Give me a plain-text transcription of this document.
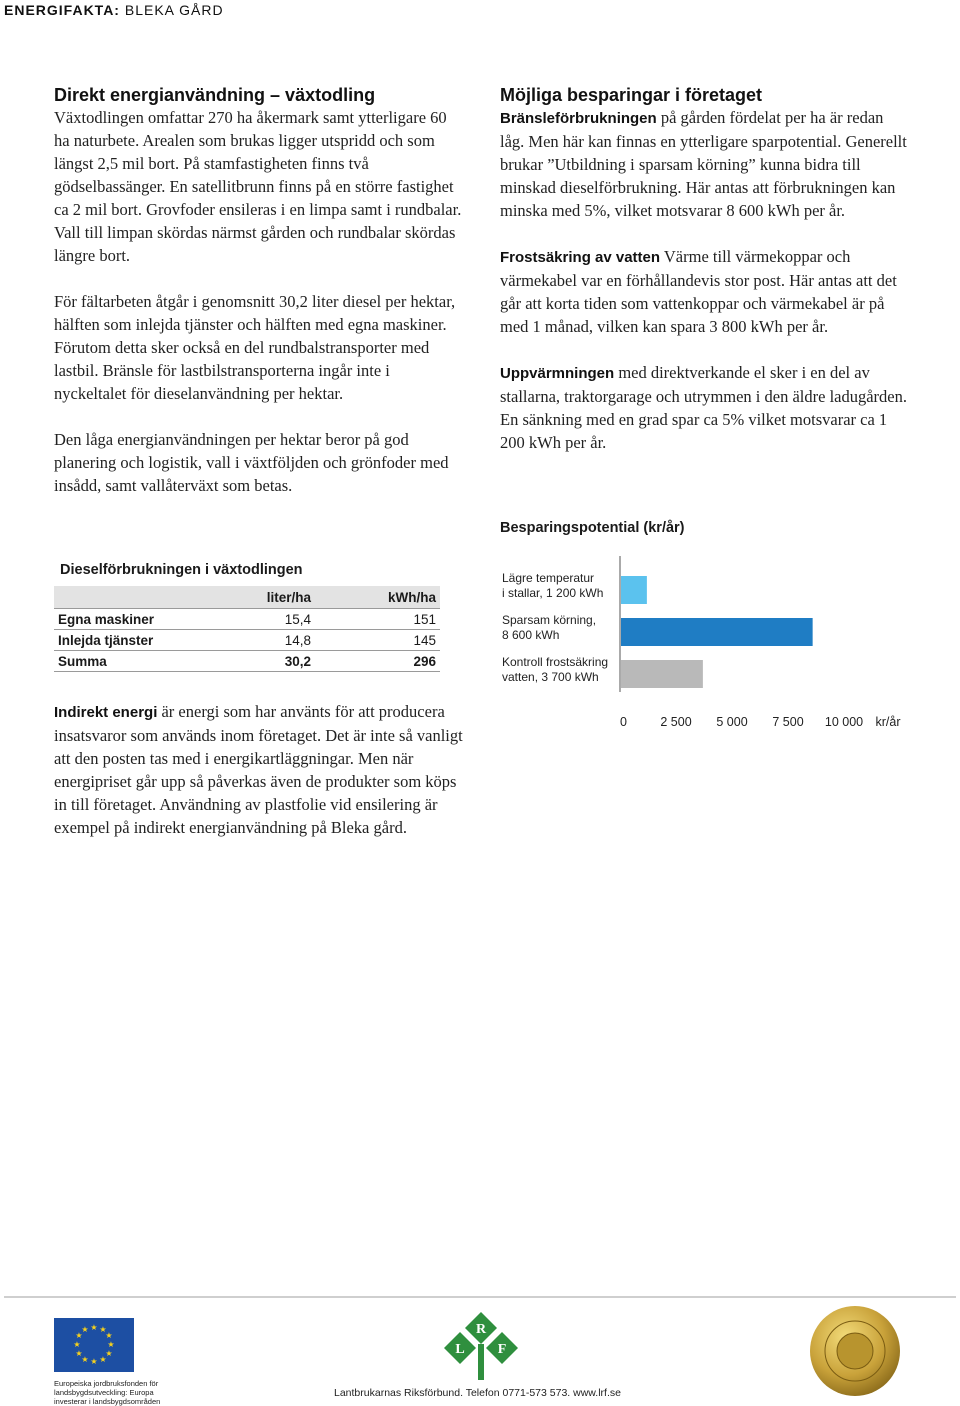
ENERGIFAKTA: BLEKA GÅRD
Direkt energianvändning – växtodling

Växtodlingen omfattar 270 ha åkermark samt ytterligare 60 ha naturbete. Arealen som brukas ligger utspridd och som längst 2,5 mil bort. På stamfastigheten finns två gödselbassänger. En satellitbrunn finns på en större fastighet ca 2 mil bort. Grovfoder ensileras i en limpa samt i rundbalar. Vall till limpan skördas närmst gården och rundbalar skördas längre bort.

För fältarbeten åtgår i genomsnitt 30,2 liter diesel per hektar, hälften som inlejda tjänster och hälften med egna maskiner. Förutom detta sker också en del rundbalstransporter med lastbil. Bränsle för lastbilstransporterna ingår inte i nyckeltalet för dieselanvändning per hektar.

Den låga energianvändningen per hektar beror på god planering och logistik, vall i växtföljden och grönfoder med insådd, samt vallåterväxt som betas.

Dieselförbrukningen i växtodlingen
	liter/ha	kWh/ha
Egna maskiner	15,4	151
Inlejda tjänster	14,8	145
Summa	30,2	296

Indirekt energi är energi som har använts för att producera insatsvaror som används inom företaget. Det är inte så vanligt att den posten tas med i energikartläggningar. Men när energipriset går upp så påverkas även de produkter som köps in till företaget. Användning av plastfolie vid ensilering är exempel på indirekt energianvändning på Bleka gård.

Möjliga besparingar i företaget

Bränsleförbrukningen på gården fördelat per ha är redan låg. Men här kan finnas en ytterligare sparpotential. Generellt brukar ”Utbildning i sparsam körning” kunna bidra till minskad dieselförbrukning. Här antas att förbrukningen kan minska med 5%, vilket motsvarar 8 600 kWh per år.

Frostsäkring av vatten Värme till värmekoppar och värmekabel var en förhållandevis stor post. Här antas att det går att korta tiden som vattenkoppar och värmekabel är på med 1 månad, vilken kan spara 3 800 kWh per år.

Uppvärmningen med direktverkande el sker i en del av stallarna, traktorgarage och utrymmen i den äldre ladugården. En sänkning med en grad spar ca 5% vilket motsvarar ca 1 200 kWh per år.

Besparingspotential (kr/år)
Lägre temperatur
i stallar, 1 200 kWh
Sparsam körning,
8 600 kWh
Kontroll frostsäkring
vatten, 3 700 kWh
0	2 500 5 000 7 500 10 000 kr/år
★ ★
★
★
★
★
★
★
★
★
★
★
Europeiska jordbruksfonden för
landsbygdsutveckling: Europa
investerar i landsbygdsområden
R
L F
Lantbrukarnas Riksförbund. Telefon 0771-573 573. www.lrf.se
